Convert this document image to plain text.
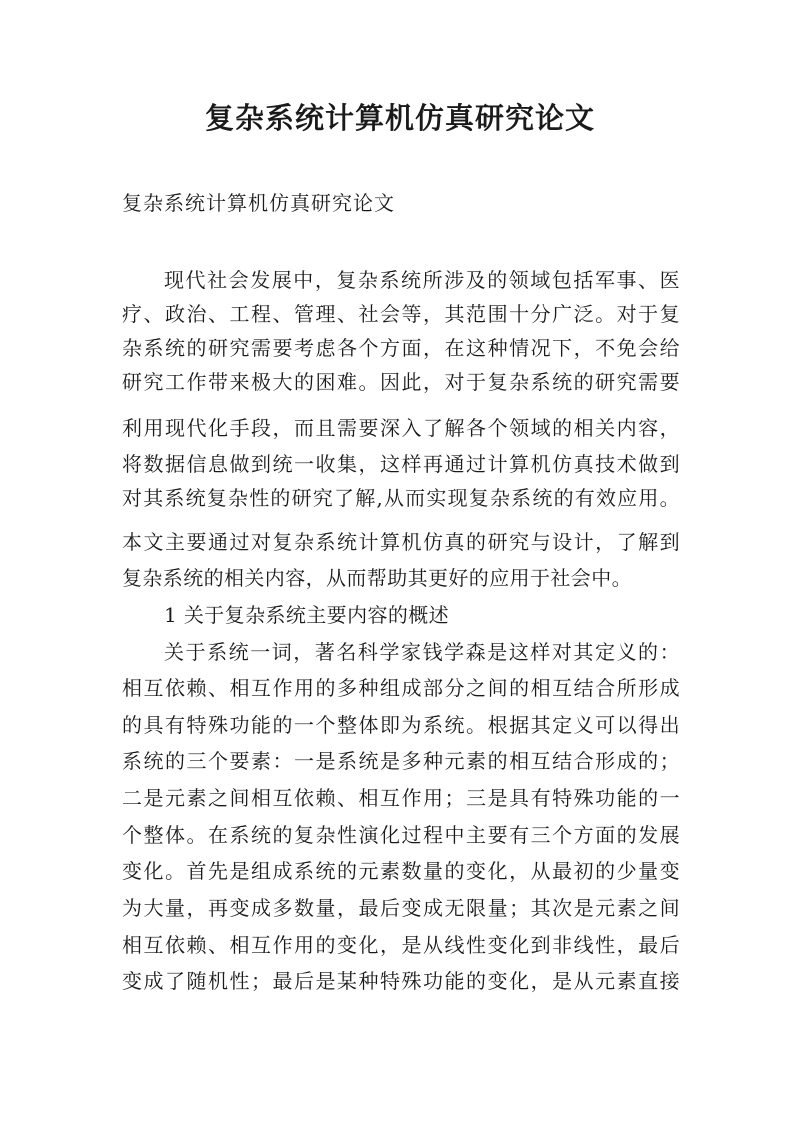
复杂系统计算机仿真研究论文

复杂系统计算机仿真研究论文

现代社会发展中，复杂系统所涉及的领域包括军事、医

疗、政治、工程、管理、社会等，其范围十分广泛。对于复

杂系统的研究需要考虑各个方面，在这种情况下，不免会给

研究工作带来极大的困难。因此，对于复杂系统的研究需要

利用现代化手段，而且需要深入了解各个领域的相关内容，

将数据信息做到统一收集，这样再通过计算机仿真技术做到

对其系统复杂性的研究了解,从而实现复杂系统的有效应用。

本文主要通过对复杂系统计算机仿真的研究与设计，了解到

复杂系统的相关内容，从而帮助其更好的应用于社会中。

1 关于复杂系统主要内容的概述

关于系统一词，著名科学家钱学森是这样对其定义的：

相互依赖、相互作用的多种组成部分之间的相互结合所形成

的具有特殊功能的一个整体即为系统。根据其定义可以得出

系统的三个要素：一是系统是多种元素的相互结合形成的；

二是元素之间相互依赖、相互作用；三是具有特殊功能的一

个整体。在系统的复杂性演化过程中主要有三个方面的发展

变化。首先是组成系统的元素数量的变化，从最初的少量变

为大量，再变成多数量，最后变成无限量；其次是元素之间

相互依赖、相互作用的变化，是从线性变化到非线性，最后

变成了随机性；最后是某种特殊功能的变化，是从元素直接
